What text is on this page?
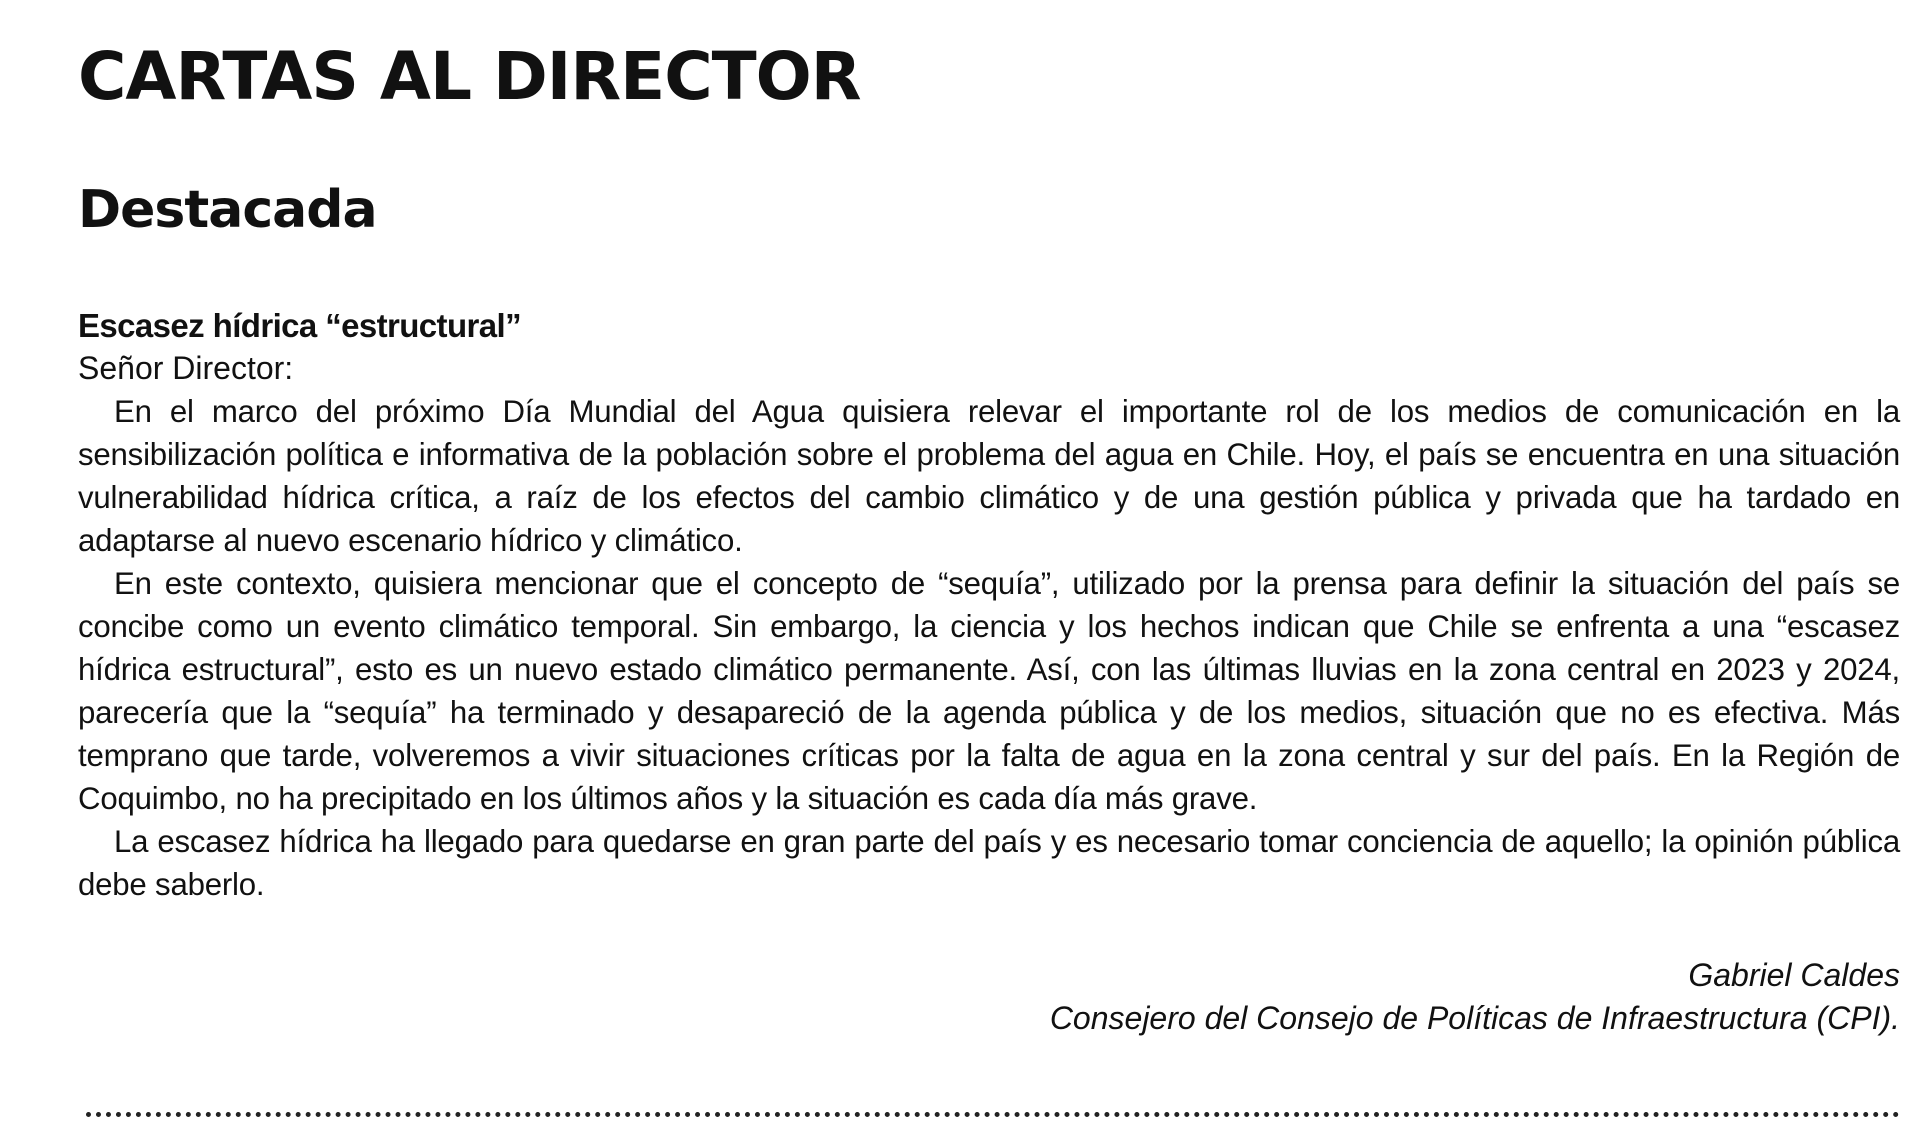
CARTAS AL DIRECTOR
Destacada
Escasez hídrica “estructural”

Señor Director:

En el marco del próximo Día Mundial del Agua quisiera relevar el importante rol de los medios de comunicación en la sensibilización política e informativa de la población sobre el problema del agua en Chile. Hoy, el país se encuentra en una situación vulnerabilidad hídrica crítica, a raíz de los efectos del cambio climático y de una gestión pública y privada que ha tardado en adaptarse al nuevo escenario hídrico y climático.

En este contexto, quisiera mencionar que el concepto de “sequía”, utilizado por la prensa para definir la situación del país se concibe como un evento climático temporal. Sin embargo, la ciencia y los hechos indican que Chile se enfrenta a una “escasez hídrica estructural”, esto es un nuevo estado climático permanente. Así, con las últimas lluvias en la zona central en 2023 y 2024, parecería que la “sequía” ha terminado y desapareció de la agenda pública y de los medios, situación que no es efectiva. Más temprano que tarde, volveremos a vivir situaciones críticas por la falta de agua en la zona central y sur del país. En la Región de Coquimbo, no ha precipitado en los últimos años y la situación es cada día más grave.

La escasez hídrica ha llegado para quedarse en gran parte del país y es necesario tomar conciencia de aquello; la opinión pública debe saberlo.

Gabriel Caldes
Consejero del Consejo de Políticas de Infraestructura (CPI).
